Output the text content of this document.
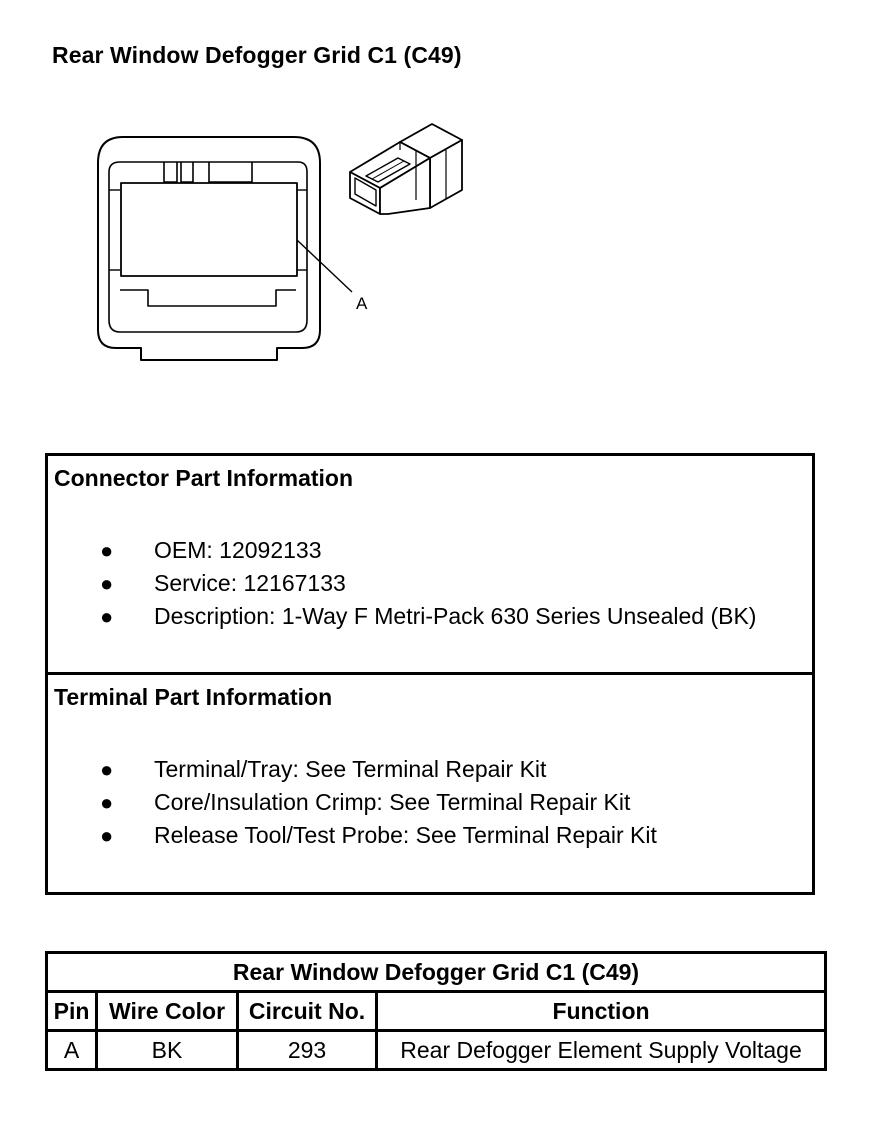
Rear Window Defogger Grid C1 (C49)
A
Connector Part Information
● OEM: 12092133
● Service: 12167133
● Description: 1-Way F Metri-Pack 630 Series Unsealed (BK)
Terminal Part Information
● Terminal/Tray: See Terminal Repair Kit
● Core/Insulation Crimp: See Terminal Repair Kit
● Release Tool/Test Probe: See Terminal Repair Kit
Rear Window Defogger Grid C1 (C49)			
Pin	Wire Color	Circuit No.	Function
A	BK	293	Rear Defogger Element Supply Voltage
